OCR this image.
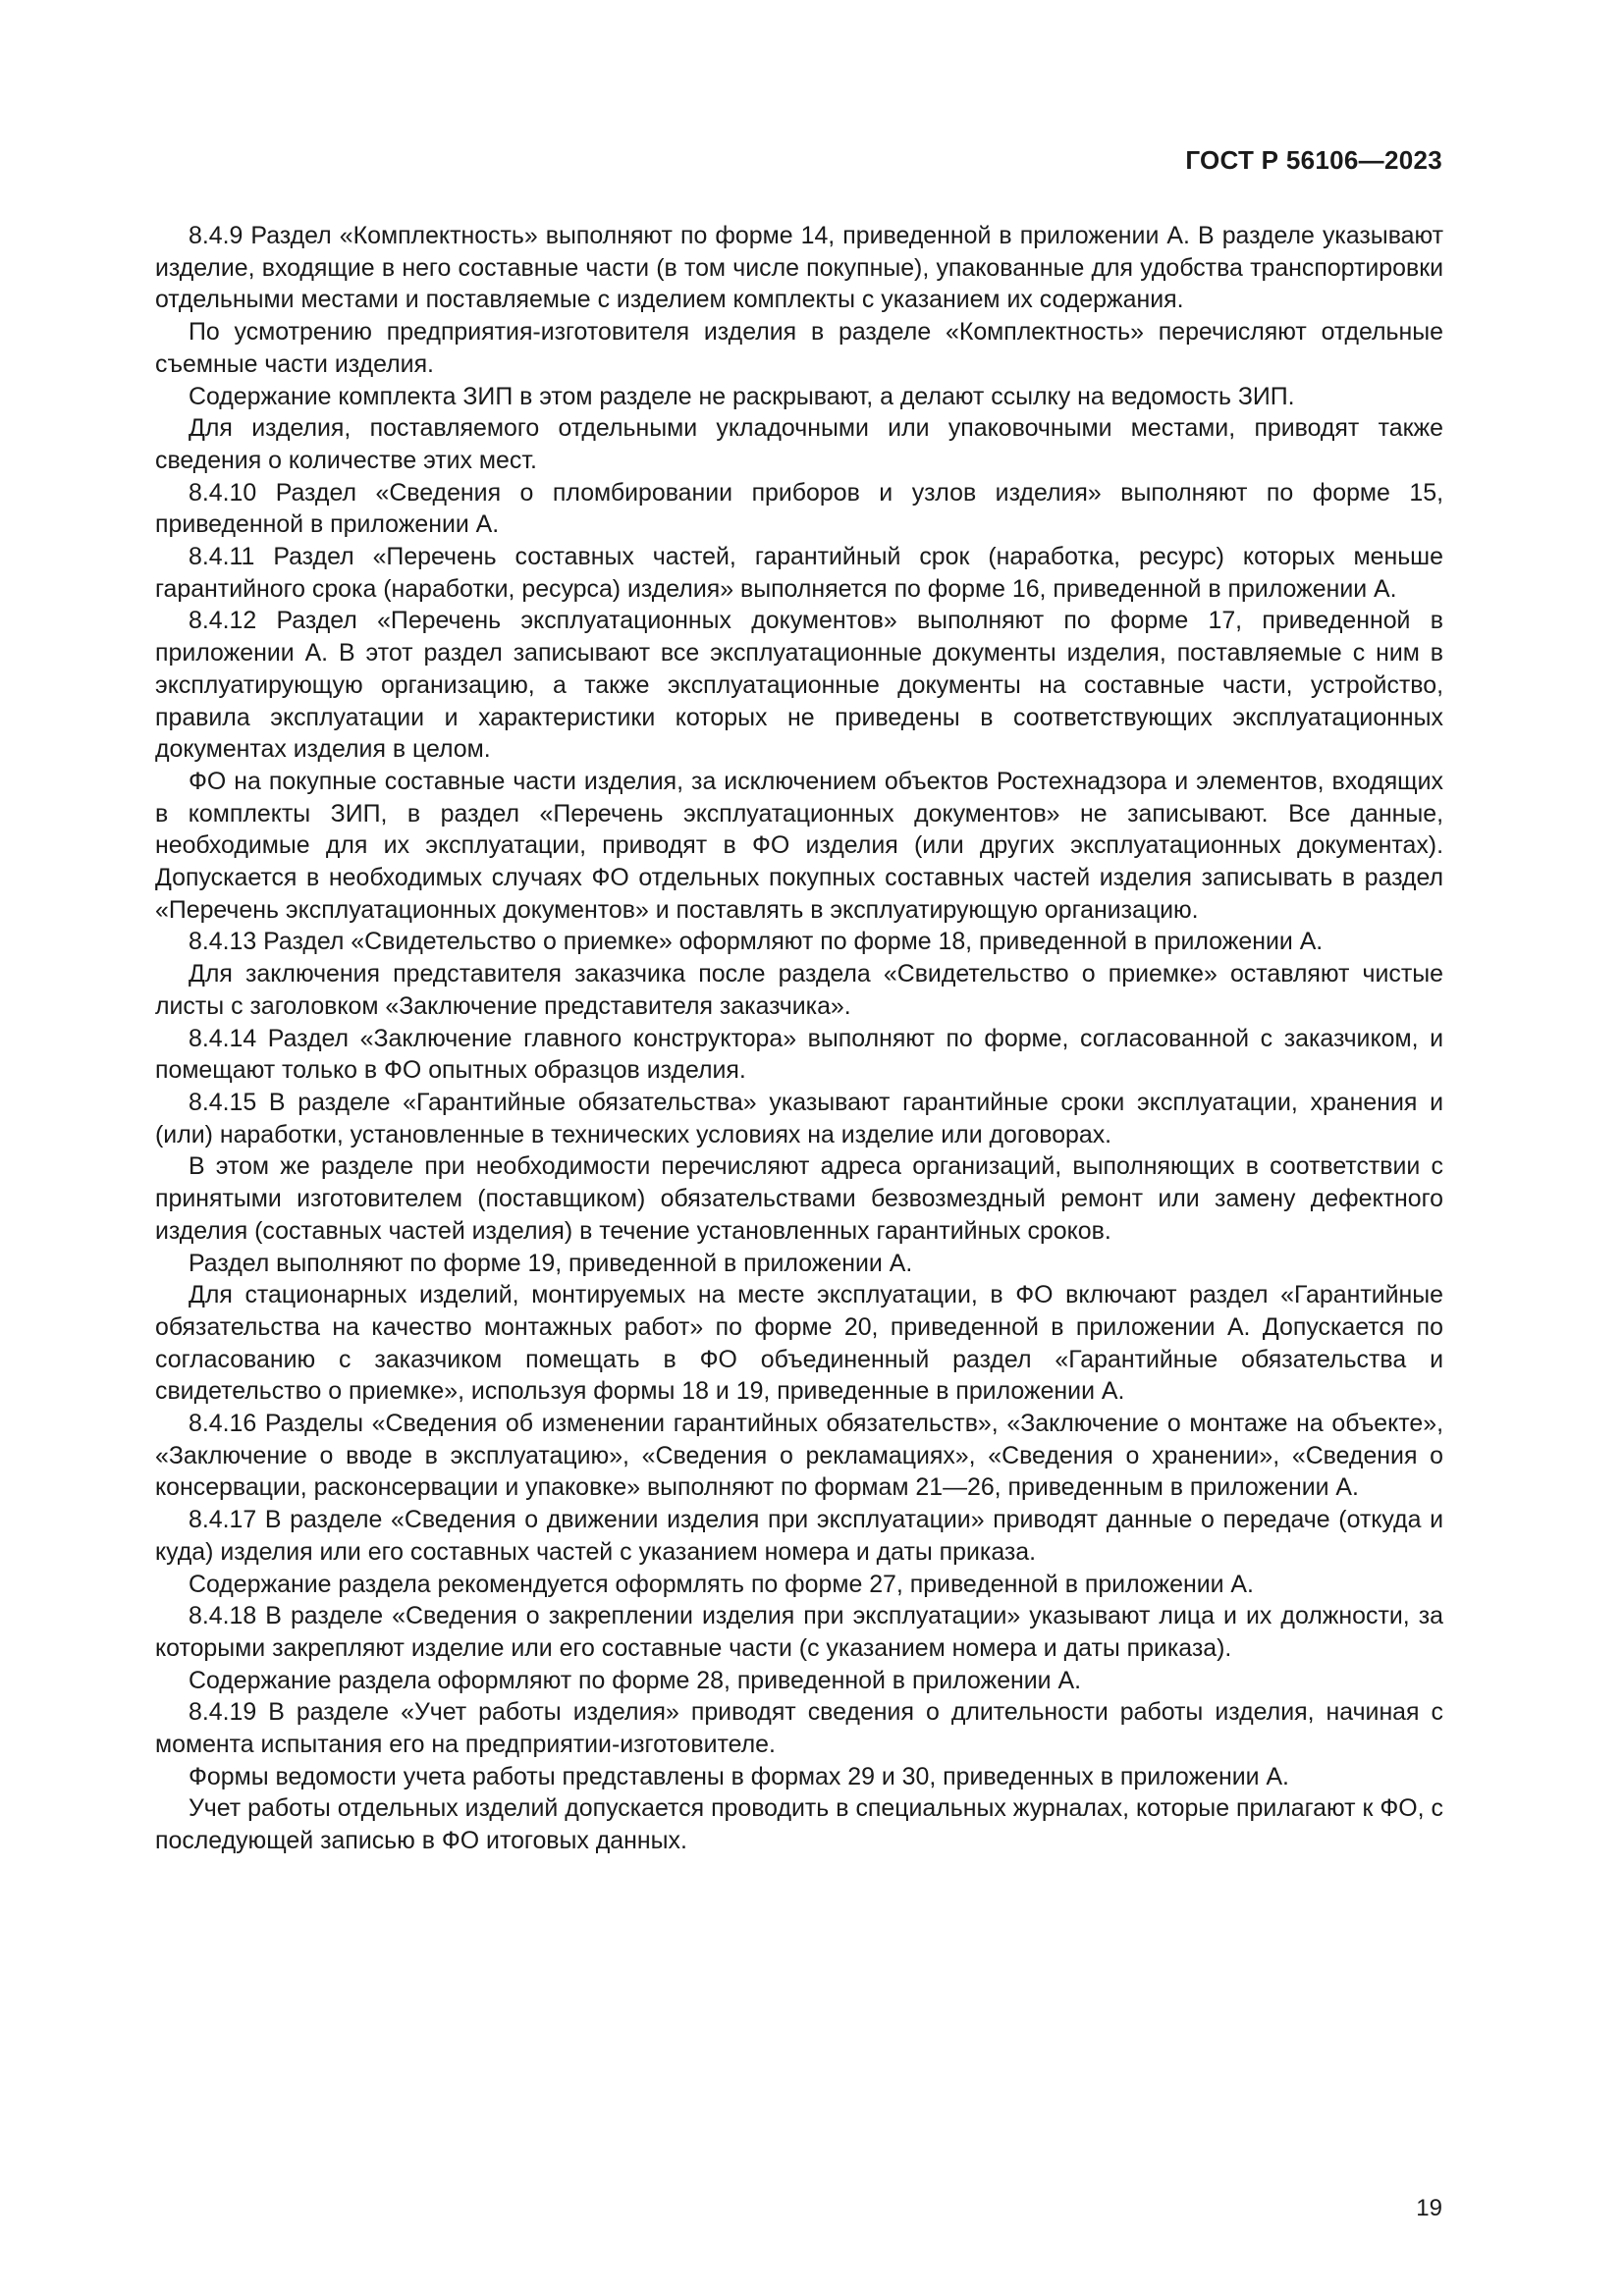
ГОСТ Р 56106—2023

8.4.9 Раздел «Комплектность» выполняют по форме 14, приведенной в приложении А. В разделе указывают изделие, входящие в него составные части (в том числе покупные), упакованные для удобства транспортировки отдельными местами и поставляемые с изделием комплекты с указанием их содержания.

По усмотрению предприятия-изготовителя изделия в разделе «Комплектность» перечисляют отдельные съемные части изделия.

Содержание комплекта ЗИП в этом разделе не раскрывают, а делают ссылку на ведомость ЗИП.

Для изделия, поставляемого отдельными укладочными или упаковочными местами, приводят также сведения о количестве этих мест.

8.4.10 Раздел «Сведения о пломбировании приборов и узлов изделия» выполняют по форме 15, приведенной в приложении А.

8.4.11 Раздел «Перечень составных частей, гарантийный срок (наработка, ресурс) которых меньше гарантийного срока (наработки, ресурса) изделия» выполняется по форме 16, приведенной в приложении А.

8.4.12 Раздел «Перечень эксплуатационных документов» выполняют по форме 17, приведенной в приложении А. В этот раздел записывают все эксплуатационные документы изделия, поставляемые с ним в эксплуатирующую организацию, а также эксплуатационные документы на составные части, устройство, правила эксплуатации и характеристики которых не приведены в соответствующих эксплуатационных документах изделия в целом.

ФО на покупные составные части изделия, за исключением объектов Ростехнадзора и элементов, входящих в комплекты ЗИП, в раздел «Перечень эксплуатационных документов» не записывают. Все данные, необходимые для их эксплуатации, приводят в ФО изделия (или других эксплуатационных документах). Допускается в необходимых случаях ФО отдельных покупных составных частей изделия записывать в раздел «Перечень эксплуатационных документов» и поставлять в эксплуатирующую организацию.

8.4.13 Раздел «Свидетельство о приемке» оформляют по форме 18, приведенной в приложении А.

Для заключения представителя заказчика после раздела «Свидетельство о приемке» оставляют чистые листы с заголовком «Заключение представителя заказчика».

8.4.14 Раздел «Заключение главного конструктора» выполняют по форме, согласованной с заказчиком, и помещают только в ФО опытных образцов изделия.

8.4.15 В разделе «Гарантийные обязательства» указывают гарантийные сроки эксплуатации, хранения и (или) наработки, установленные в технических условиях на изделие или договорах.

В этом же разделе при необходимости перечисляют адреса организаций, выполняющих в соответствии с принятыми изготовителем (поставщиком) обязательствами безвозмездный ремонт или замену дефектного изделия (составных частей изделия) в течение установленных гарантийных сроков.

Раздел выполняют по форме 19, приведенной в приложении А.

Для стационарных изделий, монтируемых на месте эксплуатации, в ФО включают раздел «Гарантийные обязательства на качество монтажных работ» по форме 20, приведенной в приложении А. Допускается по согласованию с заказчиком помещать в ФО объединенный раздел «Гарантийные обязательства и свидетельство о приемке», используя формы 18 и 19, приведенные в приложении А.

8.4.16 Разделы «Сведения об изменении гарантийных обязательств», «Заключение о монтаже на объекте», «Заключение о вводе в эксплуатацию», «Сведения о рекламациях», «Сведения о хранении», «Сведения о консервации, расконсервации и упаковке» выполняют по формам 21—26, приведенным в приложении А.

8.4.17 В разделе «Сведения о движении изделия при эксплуатации» приводят данные о передаче (откуда и куда) изделия или его составных частей с указанием номера и даты приказа.

Содержание раздела рекомендуется оформлять по форме 27, приведенной в приложении А.

8.4.18 В разделе «Сведения о закреплении изделия при эксплуатации» указывают лица и их должности, за которыми закрепляют изделие или его составные части (с указанием номера и даты приказа).

Содержание раздела оформляют по форме 28, приведенной в приложении А.

8.4.19 В разделе «Учет работы изделия» приводят сведения о длительности работы изделия, начиная с момента испытания его на предприятии-изготовителе.

Формы ведомости учета работы представлены в формах 29 и 30, приведенных в приложении А.

Учет работы отдельных изделий допускается проводить в специальных журналах, которые прилагают к ФО, с последующей записью в ФО итоговых данных.

19
